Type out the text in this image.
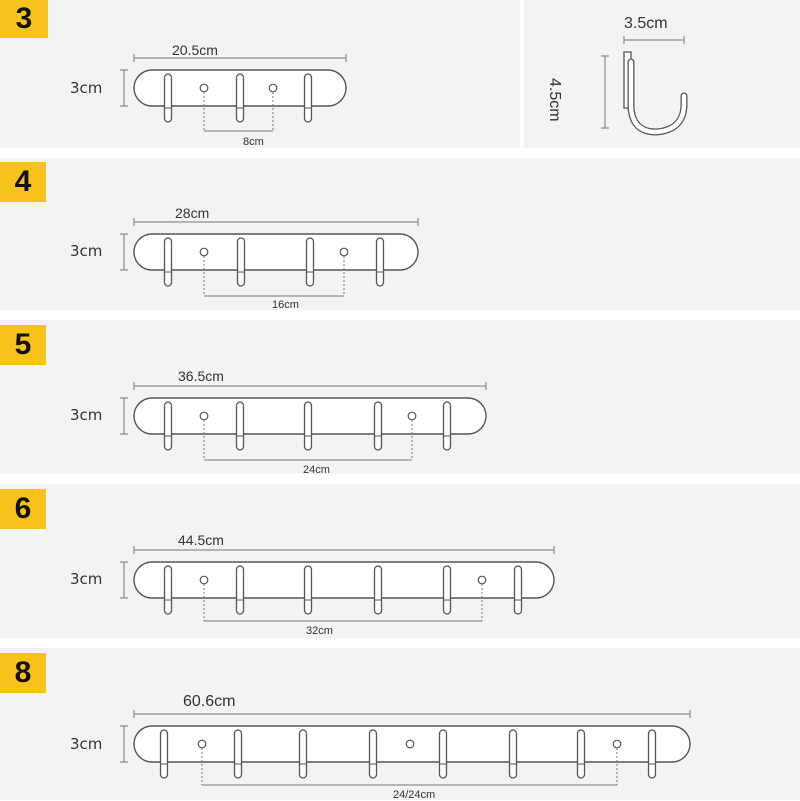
3
4
5
6
8
20.5cm
3cm
8cm
28cm
3cm
16cm
36.5cm
3cm
24cm
44.5cm
3cm
32cm
60.6cm
3cm
24/24cm
3.5cm
4.5cm
